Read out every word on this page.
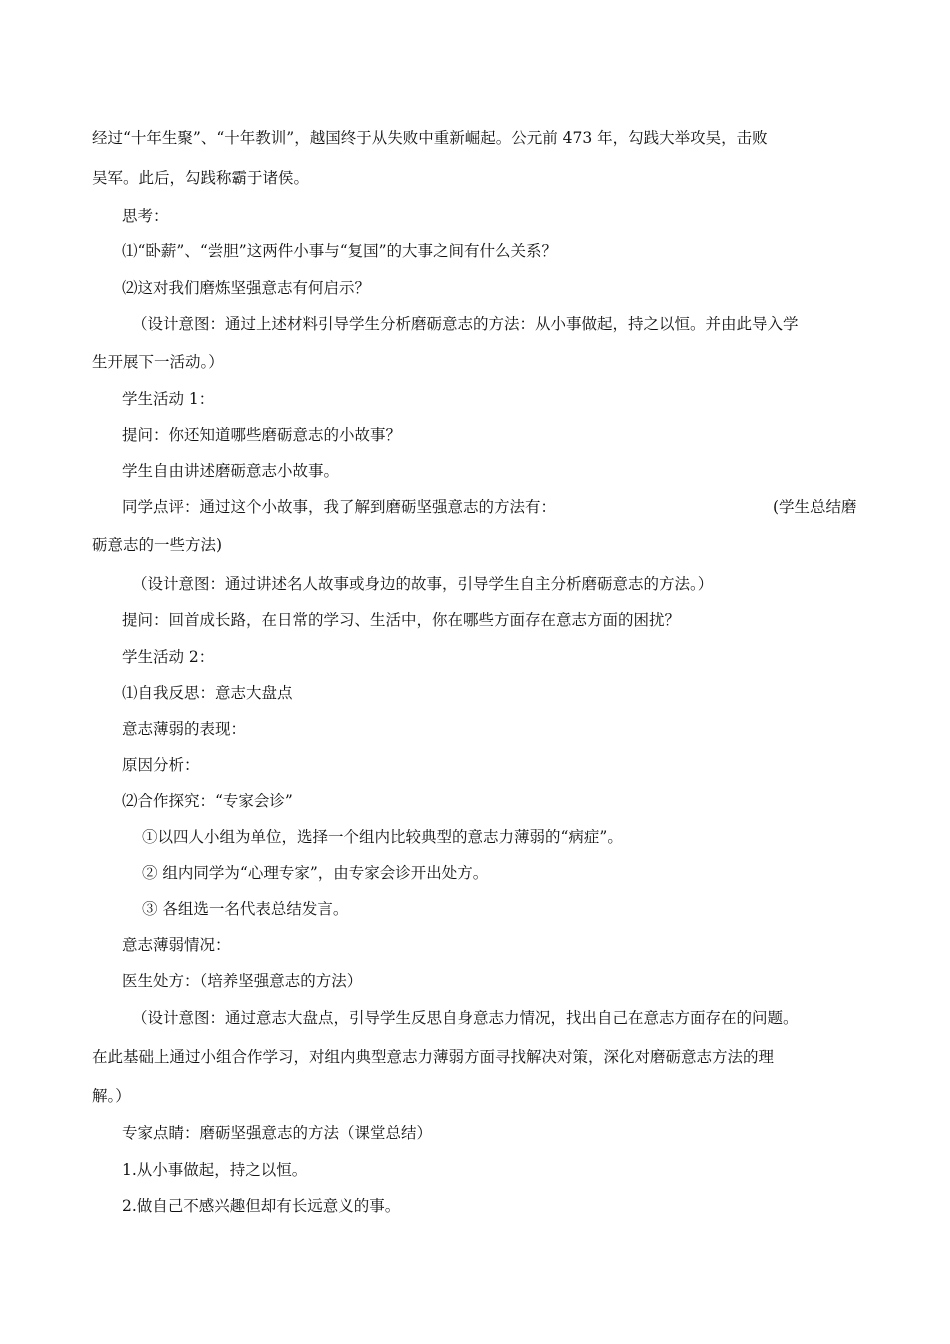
经过“十年生聚”、“十年教训”，越国终于从失败中重新崛起。公元前 473 年，勾践大举攻吴，击败
吴军。此后，勾践称霸于诸侯。
思考：
⑴“卧薪”、“尝胆”这两件小事与“复国”的大事之间有什么关系？
⑵这对我们磨炼坚强意志有何启示？
（设计意图：通过上述材料引导学生分析磨砺意志的方法：从小事做起，持之以恒。并由此导入学
生开展下一活动。）
学生活动 1：
提问：你还知道哪些磨砺意志的小故事？
学生自由讲述磨砺意志小故事。
同学点评：通过这个小故事，我了解到磨砺坚强意志的方法有：	(学生总结磨
砺意志的一些方法)
（设计意图：通过讲述名人故事或身边的故事，引导学生自主分析磨砺意志的方法。）
提问：回首成长路，在日常的学习、生活中，你在哪些方面存在意志方面的困扰？
学生活动 2：
⑴自我反思：意志大盘点
意志薄弱的表现：
原因分析：
⑵合作探究：“专家会诊”
①以四人小组为单位，选择一个组内比较典型的意志力薄弱的“病症”。
② 组内同学为“心理专家”，由专家会诊开出处方。
③ 各组选一名代表总结发言。
意志薄弱情况：
医生处方：（培养坚强意志的方法）
（设计意图：通过意志大盘点，引导学生反思自身意志力情况，找出自己在意志方面存在的问题。
在此基础上通过小组合作学习，对组内典型意志力薄弱方面寻找解决对策，深化对磨砺意志方法的理
解。）
专家点睛：磨砺坚强意志的方法（课堂总结）
1.从小事做起，持之以恒。
2.做自己不感兴趣但却有长远意义的事。
